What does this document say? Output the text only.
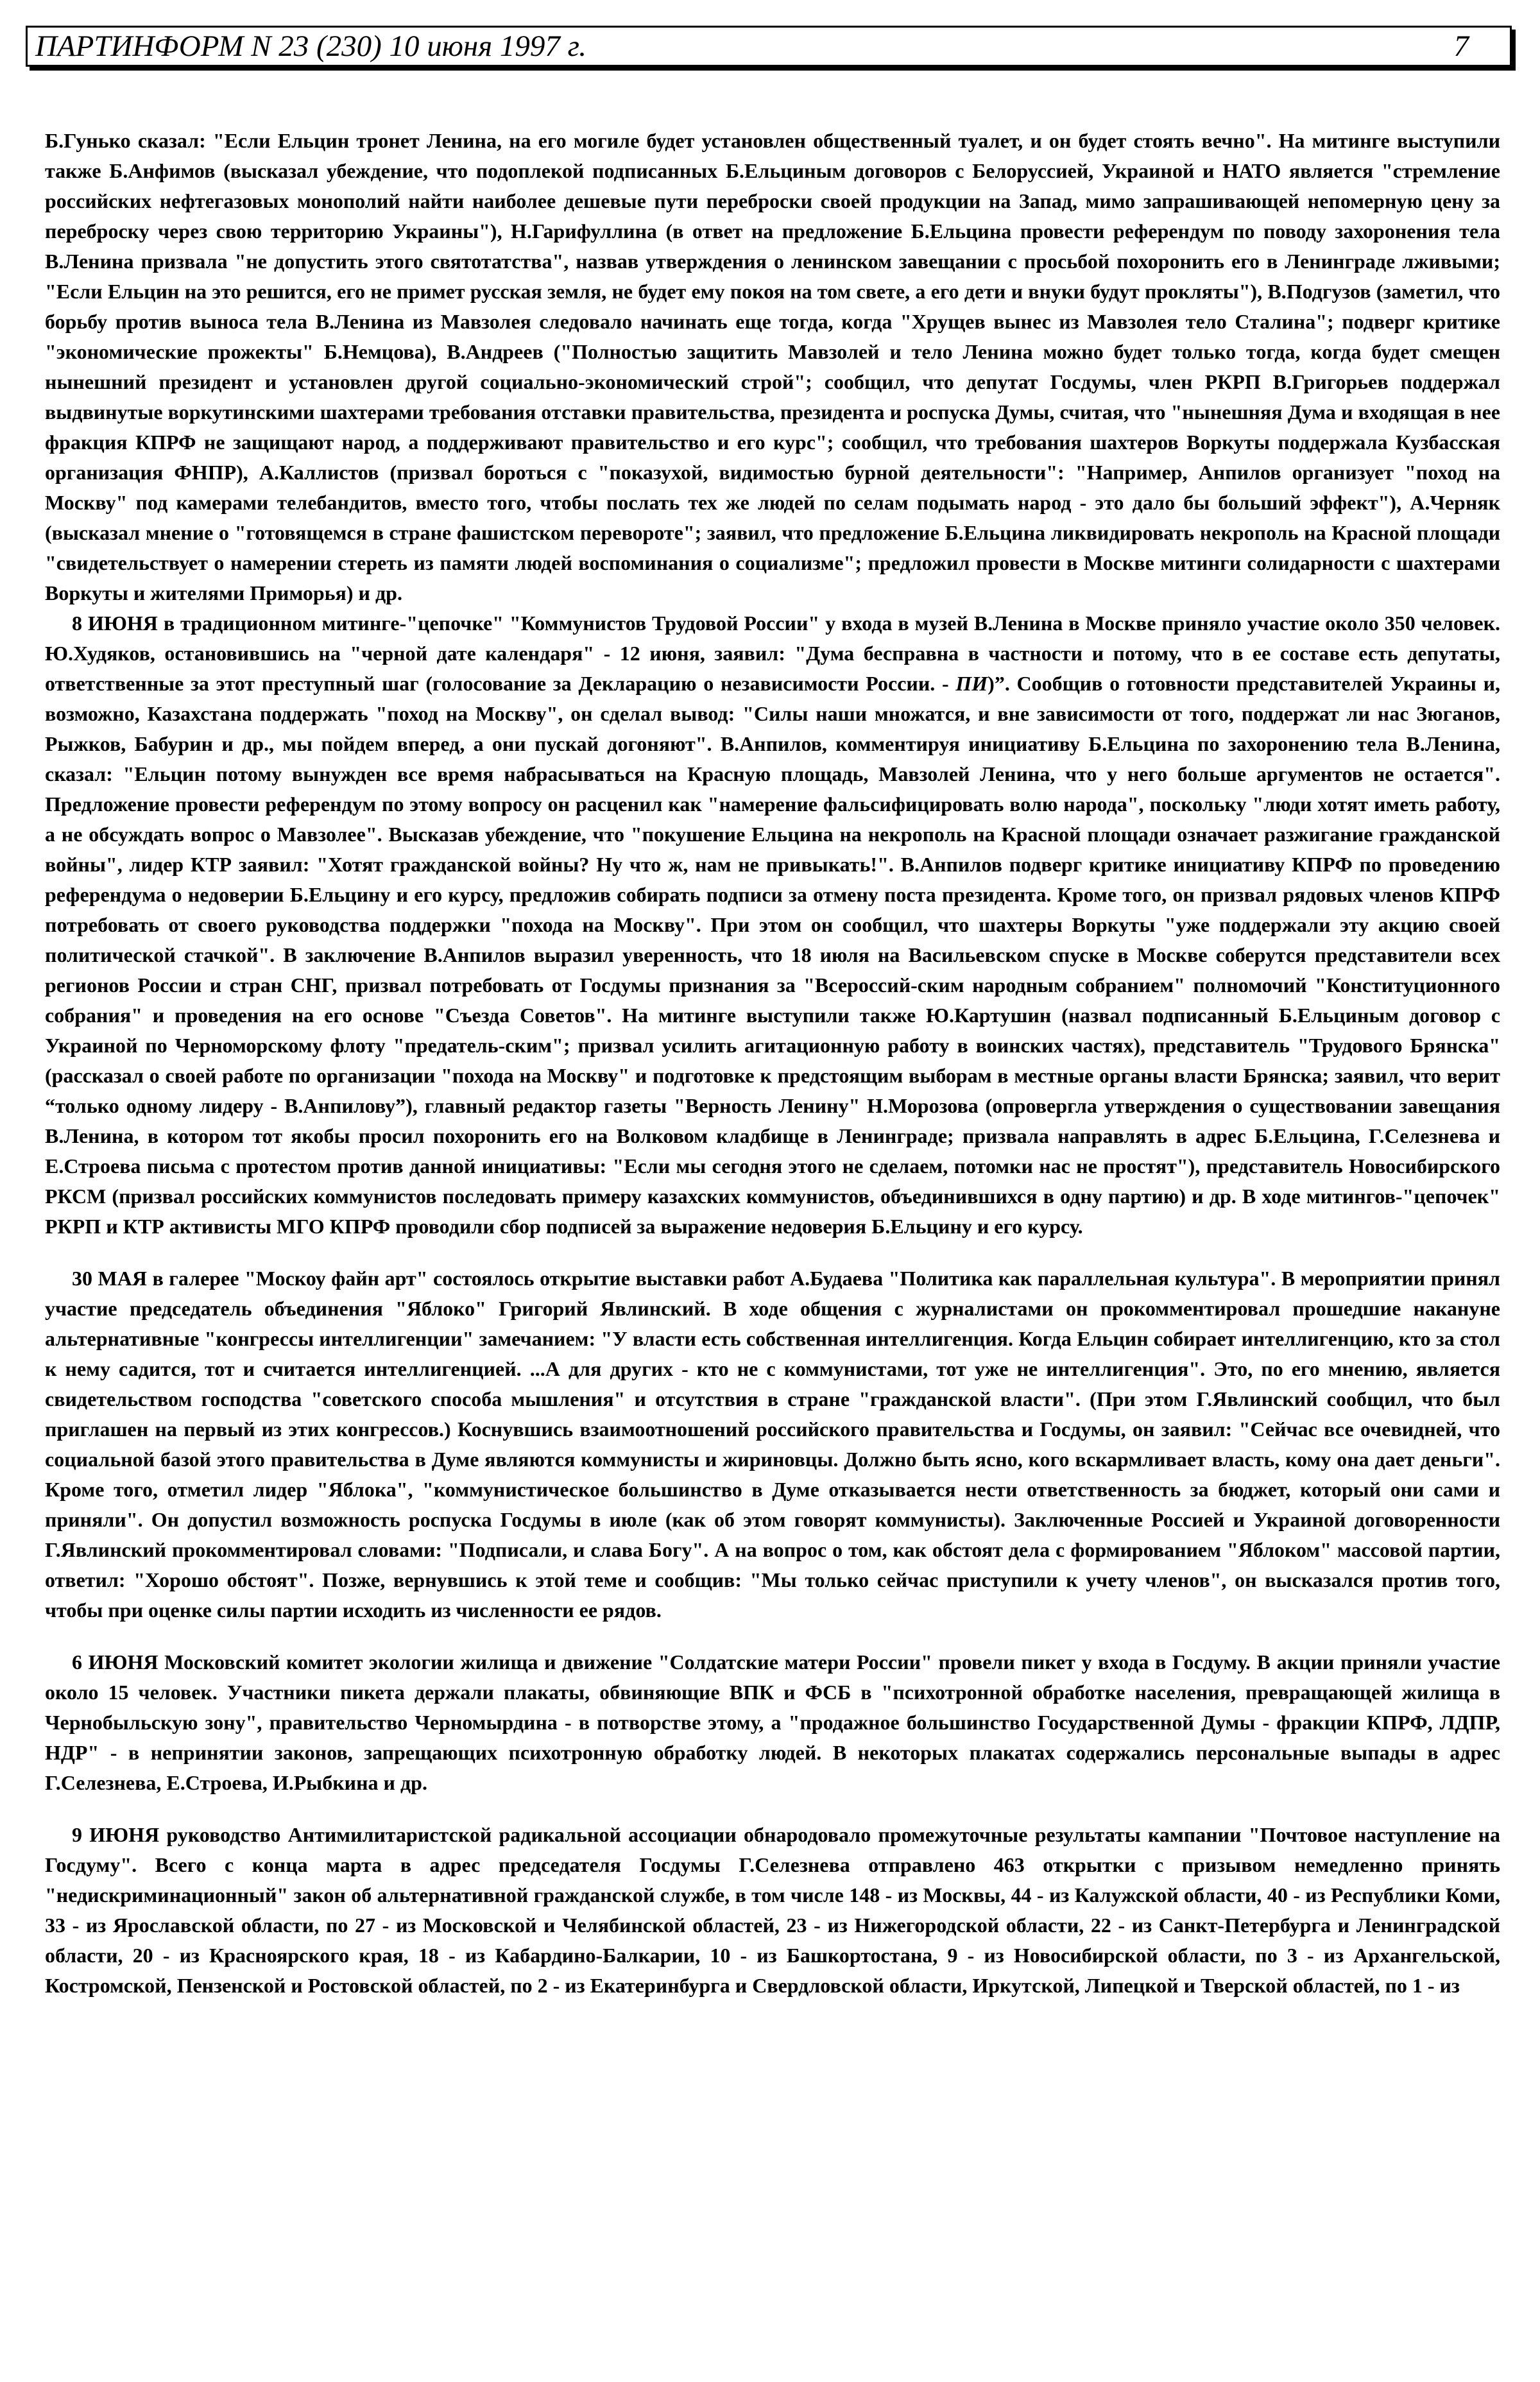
ПАРТИНФОРМ N 23 (230) 10 июня 1997 г.	7

Б.Гунько сказал: "Если Ельцин тронет Ленина, на его могиле будет установлен общественный туалет, и он будет стоять вечно". На митинге выступили также Б.Анфимов (высказал убеждение, что подоплекой подписанных Б.Ельциным договоров с Белоруссией, Украиной и НАТО является "стремление российских нефтегазовых монополий найти наиболее дешевые пути переброски своей продукции на Запад, мимо запрашивающей непомерную цену за переброску через свою территорию Украины"), Н.Гарифуллина (в ответ на предложение Б.Ельцина провести референдум по поводу захоронения тела В.Ленина призвала "не допустить этого святотатства", назвав утверждения о ленинском завещании с просьбой похоронить его в Ленинграде лживыми; "Если Ельцин на это решится, его не примет русская земля, не будет ему покоя на том свете, а его дети и внуки будут прокляты"), В.Подгузов (заметил, что борьбу против выноса тела В.Ленина из Мавзолея следовало начинать еще тогда, когда "Хрущев вынес из Мавзолея тело Сталина"; подверг критике "экономические прожекты" Б.Немцова), В.Андреев ("Полностью защитить Мавзолей и тело Ленина можно будет только тогда, когда будет смещен нынешний президент и установлен другой социально-экономический строй"; сообщил, что депутат Госдумы, член РКРП В.Григорьев поддержал выдвинутые воркутинскими шахтерами требования отставки правительства, президента и роспуска Думы, считая, что "нынешняя Дума и входящая в нее фракция КПРФ не защищают народ, а поддерживают правительство и его курс"; сообщил, что требования шахтеров Воркуты поддержала Кузбасская организация ФНПР), А.Каллистов (призвал бороться с "показухой, видимостью бурной деятельности": "Например, Анпилов организует "поход на Москву" под камерами телебандитов, вместо того, чтобы послать тех же людей по селам подымать народ - это дало бы больший эффект"), А.Черняк (высказал мнение о "готовящемся в стране фашистском перевороте"; заявил, что предложение Б.Ельцина ликвидировать некрополь на Красной площади "свидетельствует о намерении стереть из памяти людей воспоминания о социализме"; предложил провести в Москве митинги солидарности с шахтерами Воркуты и жителями Приморья) и др.

8 ИЮНЯ в традиционном митинге-"цепочке" "Коммунистов Трудовой России" у входа в музей В.Ленина в Москве приняло участие около 350 человек. Ю.Худяков, остановившись на "черной дате календаря" - 12 июня, заявил: "Дума бесправна в частности и потому, что в ее составе есть депутаты, ответственные за этот преступный шаг (голосование за Декларацию о независимости России. - ПИ)”. Сообщив о готовности представителей Украины и, возможно, Казахстана поддержать "поход на Москву", он сделал вывод: "Силы наши множатся, и вне зависимости от того, поддержат ли нас Зюганов, Рыжков, Бабурин и др., мы пойдем вперед, а они пускай догоняют". В.Анпилов, комментируя инициативу Б.Ельцина по захоронению тела В.Ленина, сказал: "Ельцин потому вынужден все время набрасываться на Красную площадь, Мавзолей Ленина, что у него больше аргументов не остается". Предложение провести референдум по этому вопросу он расценил как "намерение фальсифицировать волю народа", поскольку "люди хотят иметь работу, а не обсуждать вопрос о Мавзолее". Высказав убеждение, что "покушение Ельцина на некрополь на Красной площади означает разжигание гражданской войны", лидер КТР заявил: "Хотят гражданской войны? Ну что ж, нам не привыкать!". В.Анпилов подверг критике инициативу КПРФ по проведению референдума о недоверии Б.Ельцину и его курсу, предложив собирать подписи за отмену поста президента. Кроме того, он призвал рядовых членов КПРФ потребовать от своего руководства поддержки "похода на Москву". При этом он сообщил, что шахтеры Воркуты "уже поддержали эту акцию своей политической стачкой". В заключение В.Анпилов выразил уверенность, что 18 июля на Васильевском спуске в Москве соберутся представители всех регионов России и стран СНГ, призвал потребовать от Госдумы признания за "Всероссий-ским народным собранием" полномочий "Конституционного собрания" и проведения на его основе "Съезда Советов". На митинге выступили также Ю.Картушин (назвал подписанный Б.Ельциным договор с Украиной по Черноморскому флоту "предатель-ским"; призвал усилить агитационную работу в воинских частях), представитель "Трудового Брянска" (рассказал о своей работе по организации "похода на Москву" и подготовке к предстоящим выборам в местные органы власти Брянска; заявил, что верит “только одному лидеру - В.Анпилову”), главный редактор газеты "Верность Ленину" Н.Морозова (опровергла утверждения о существовании завещания В.Ленина, в котором тот якобы просил похоронить его на Волковом кладбище в Ленинграде; призвала направлять в адрес Б.Ельцина, Г.Селезнева и Е.Строева письма с протестом против данной инициативы: "Если мы сегодня этого не сделаем, потомки нас не простят"), представитель Новосибирского РКСМ (призвал российских коммунистов последовать примеру казахских коммунистов, объединившихся в одну партию) и др. В ходе митингов-"цепочек" РКРП и КТР активисты МГО КПРФ проводили сбор подписей за выражение недоверия Б.Ельцину и его курсу.

30 МАЯ в галерее "Москоу файн арт" состоялось открытие выставки работ А.Будаева "Политика как параллельная культура". В мероприятии принял участие председатель объединения "Яблоко" Григорий Явлинский. В ходе общения с журналистами он прокомментировал прошедшие накануне альтернативные "конгрессы интеллигенции" замечанием: "У власти есть собственная интеллигенция. Когда Ельцин собирает интеллигенцию, кто за стол к нему садится, тот и считается интеллигенцией. ...А для других - кто не с коммунистами, тот уже не интеллигенция". Это, по его мнению, является свидетельством господства "советского способа мышления" и отсутствия в стране "гражданской власти". (При этом Г.Явлинский сообщил, что был приглашен на первый из этих конгрессов.) Коснувшись взаимоотношений российского правительства и Госдумы, он заявил: "Сейчас все очевидней, что социальной базой этого правительства в Думе являются коммунисты и жириновцы. Должно быть ясно, кого вскармливает власть, кому она дает деньги". Кроме того, отметил лидер "Яблока", "коммунистическое большинство в Думе отказывается нести ответственность за бюджет, который они сами и приняли". Он допустил возможность роспуска Госдумы в июле (как об этом говорят коммунисты). Заключенные Россией и Украиной договоренности Г.Явлинский прокомментировал словами: "Подписали, и слава Богу". А на вопрос о том, как обстоят дела с формированием "Яблоком" массовой партии, ответил: "Хорошо обстоят". Позже, вернувшись к этой теме и сообщив: "Мы только сейчас приступили к учету членов", он высказался против того, чтобы при оценке силы партии исходить из численности ее рядов.

6 ИЮНЯ Московский комитет экологии жилища и движение "Солдатские матери России" провели пикет у входа в Госдуму. В акции приняли участие около 15 человек. Участники пикета держали плакаты, обвиняющие ВПК и ФСБ в "психотронной обработке населения, превращающей жилища в Чернобыльскую зону", правительство Черномырдина - в потворстве этому, а "продажное большинство Государственной Думы - фракции КПРФ, ЛДПР, НДР" - в непринятии законов, запрещающих психотронную обработку людей. В некоторых плакатах содержались персональные выпады в адрес Г.Селезнева, Е.Строева, И.Рыбкина и др.

9 ИЮНЯ руководство Антимилитаристской радикальной ассоциации обнародовало промежуточные результаты кампании "Почтовое наступление на Госдуму". Всего с конца марта в адрес председателя Госдумы Г.Селезнева отправлено 463 открытки с призывом немедленно принять "недискриминационный" закон об альтернативной гражданской службе, в том числе 148 - из Москвы, 44 - из Калужской области, 40 - из Республики Коми, 33 - из Ярославской области, по 27 - из Московской и Челябинской областей, 23 - из Нижегородской области, 22 - из Санкт-Петербурга и Ленинградской области, 20 - из Красноярского края, 18 - из Кабардино-Балкарии, 10 - из Башкортостана, 9 - из Новосибирской области, по 3 - из Архангельской, Костромской, Пензенской и Ростовской областей, по 2 - из Екатеринбурга и Свердловской области, Иркутской, Липецкой и Тверской областей, по 1 - из
